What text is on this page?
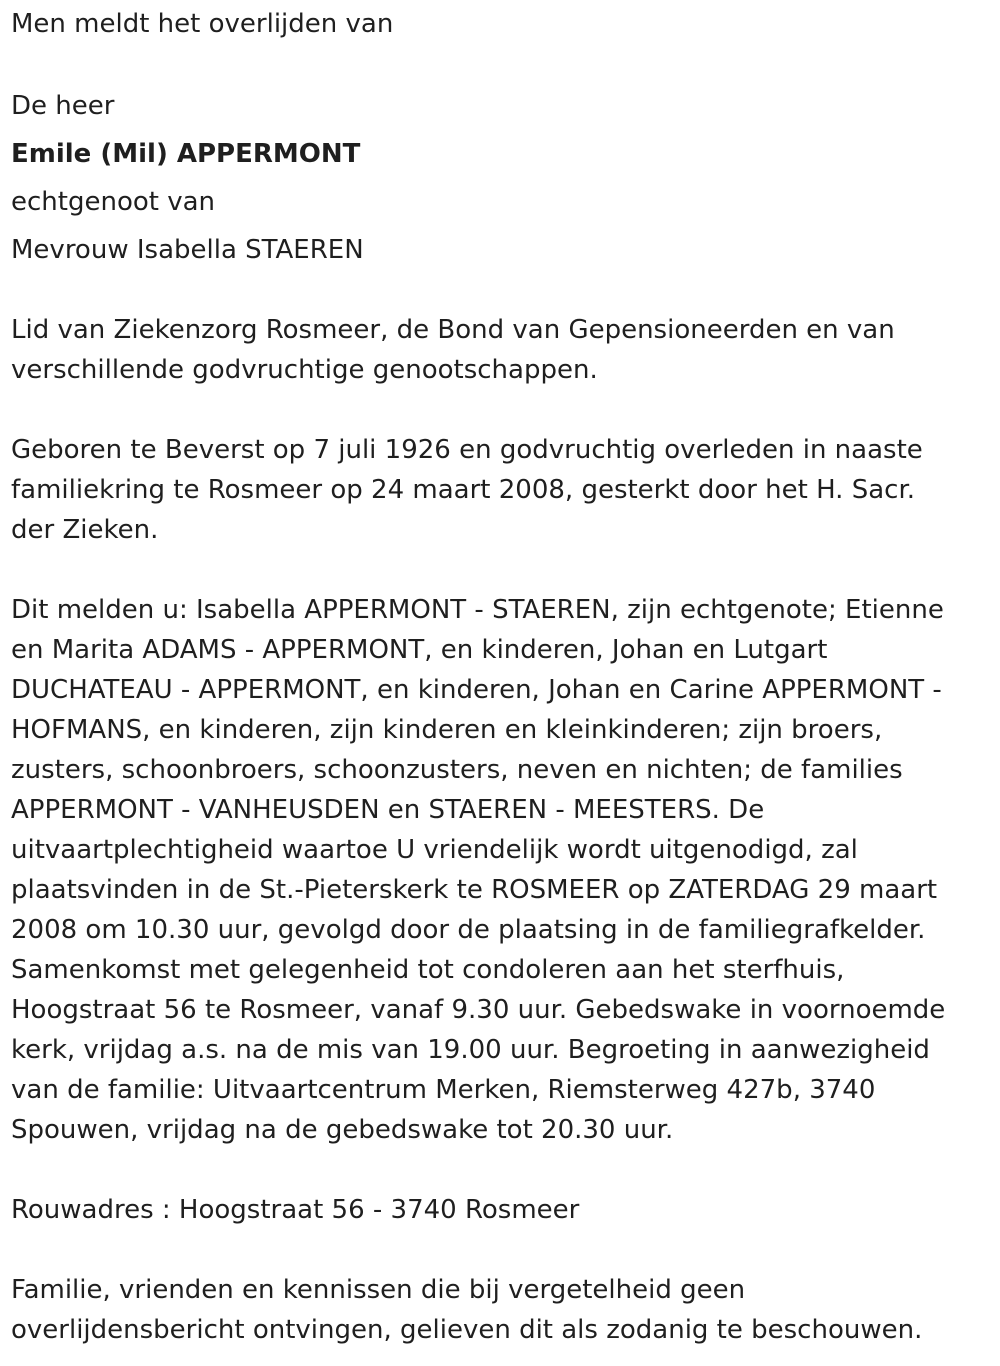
Men meldt het overlijden van

De heer

Emile (Mil) APPERMONT

echtgenoot van

Mevrouw Isabella STAEREN

Lid van Ziekenzorg Rosmeer, de Bond van Gepensioneerden en van

verschillende godvruchtige genootschappen.

Geboren te Beverst op 7 juli 1926 en godvruchtig overleden in naaste

familiekring te Rosmeer op 24 maart 2008, gesterkt door het H. Sacr.

der Zieken.

Dit melden u: Isabella APPERMONT - STAEREN, zijn echtgenote; Etienne

en Marita ADAMS - APPERMONT, en kinderen, Johan en Lutgart

DUCHATEAU - APPERMONT, en kinderen, Johan en Carine APPERMONT -

HOFMANS, en kinderen, zijn kinderen en kleinkinderen; zijn broers,

zusters, schoonbroers, schoonzusters, neven en nichten; de families

APPERMONT - VANHEUSDEN en STAEREN - MEESTERS. De

uitvaartplechtigheid waartoe U vriendelijk wordt uitgenodigd, zal

plaatsvinden in de St.-Pieterskerk te ROSMEER op ZATERDAG 29 maart

2008 om 10.30 uur, gevolgd door de plaatsing in de familiegrafkelder.

Samenkomst met gelegenheid tot condoleren aan het sterfhuis,

Hoogstraat 56 te Rosmeer, vanaf 9.30 uur. Gebedswake in voornoemde

kerk, vrijdag a.s. na de mis van 19.00 uur. Begroeting in aanwezigheid

van de familie: Uitvaartcentrum Merken, Riemsterweg 427b, 3740

Spouwen, vrijdag na de gebedswake tot 20.30 uur.

Rouwadres : Hoogstraat 56 - 3740 Rosmeer

Familie, vrienden en kennissen die bij vergetelheid geen

overlijdensbericht ontvingen, gelieven dit als zodanig te beschouwen.
